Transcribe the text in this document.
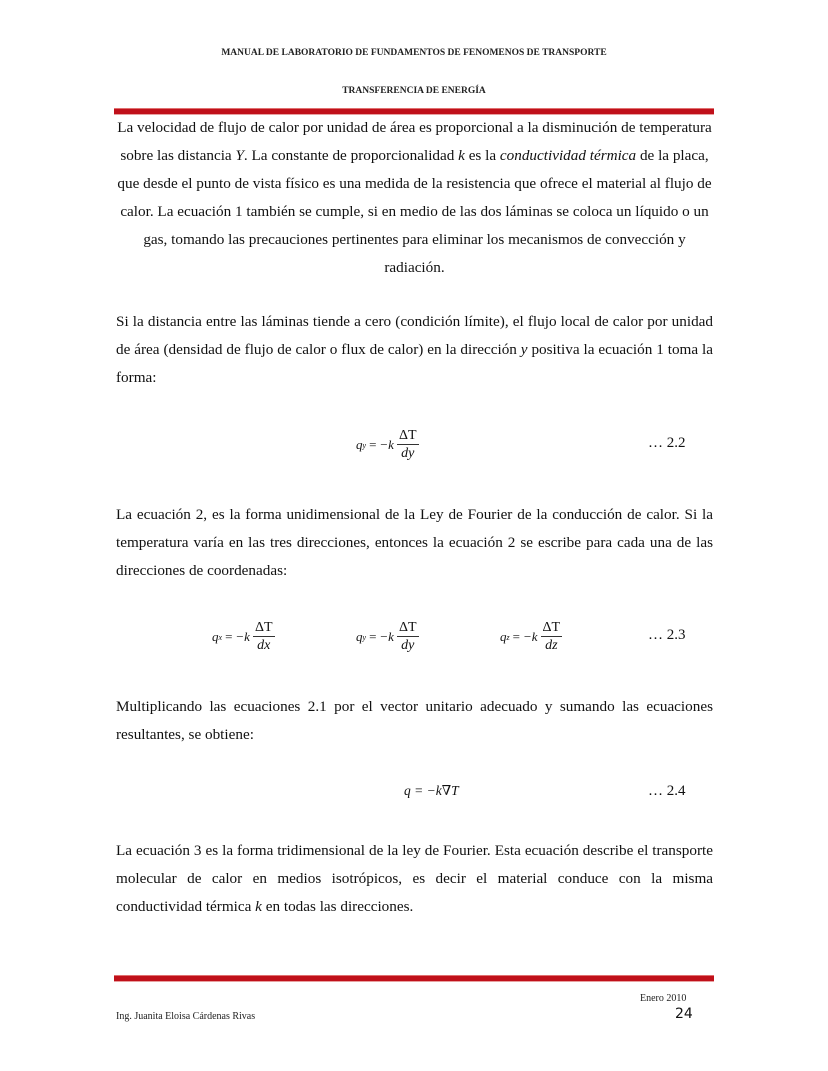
MANUAL DE LABORATORIO DE FUNDAMENTOS DE FENOMENOS DE TRANSPORTE
TRANSFERENCIA DE ENERGÍA
La velocidad de flujo de calor por unidad de área es proporcional a la disminución de temperatura sobre las distancia Y. La constante de proporcionalidad k es la conductividad térmica de la placa, que desde el punto de vista físico es una medida de la resistencia que ofrece el material al flujo de calor. La ecuación 1 también se cumple, si en medio de las dos láminas se coloca un líquido o un gas, tomando las precauciones pertinentes para eliminar los mecanismos de convección y radiación.
Si la distancia entre las láminas tiende a cero (condición límite), el flujo local de calor por unidad de área (densidad de flujo de calor o flux de calor) en la dirección y positiva la ecuación 1 toma la forma:
q $y = -k \frac{\Delta T}{dy}$	… 2.2
La ecuación 2, es la forma unidimensional de la Ley de Fourier de la conducción de calor. Si la temperatura varía en las tres direcciones, entonces la ecuación 2 se escribe para cada una de las direcciones de coordenadas:
q $x = -k \frac{\Delta T}{dx}$	q $y = -k \frac{\Delta T}{dy}$	q $z = -k \frac{\Delta T}{dz}$	… 2.3
Multiplicando las ecuaciones 2.1 por el vector unitario adecuado y sumando las ecuaciones resultantes, se obtiene:
q = −k∇T	… 2.4
La ecuación 3 es la forma tridimensional de la ley de Fourier. Esta ecuación describe el transporte molecular de calor en medios isotrópicos, es decir el material conduce con la misma conductividad térmica k en todas las direcciones.
Enero 2010
Ing. Juanita Eloisa Cárdenas Rivas	24
